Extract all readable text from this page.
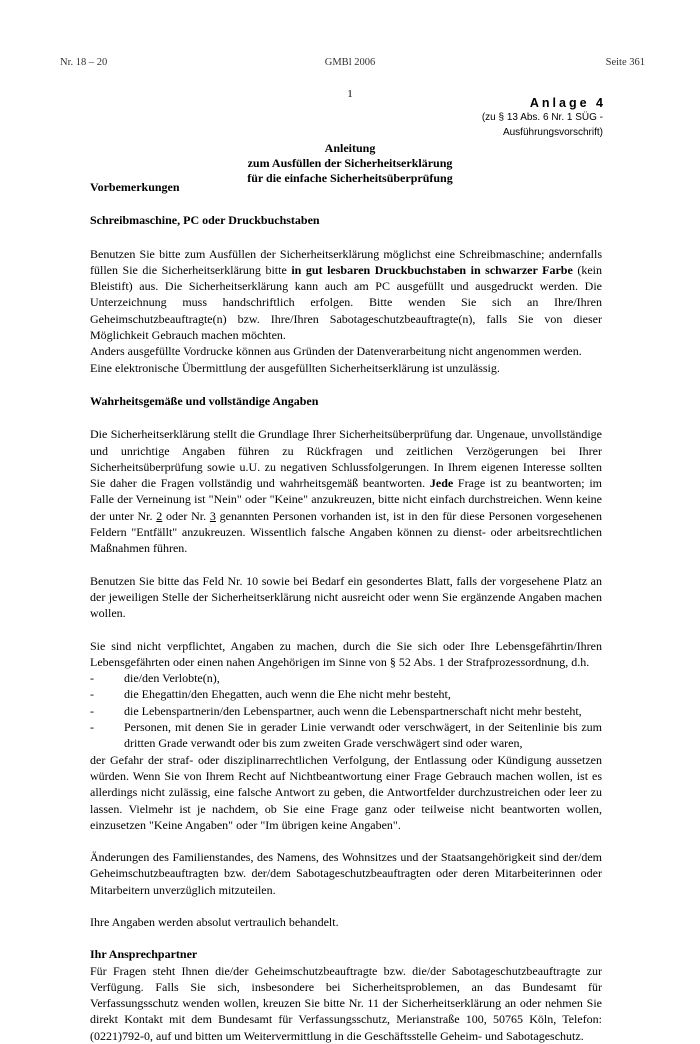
Nr. 18 – 20	GMBl 2006	Seite 361
1
Anlage 4
(zu § 13 Abs. 6 Nr. 1 SÜG -
Ausführungsvorschrift)
Anleitung
zum Ausfüllen der Sicherheitserklärung
für die einfache Sicherheitsüberprüfung

Vorbemerkungen

Schreibmaschine, PC oder Druckbuchstaben

Benutzen Sie bitte zum Ausfüllen der Sicherheitserklärung möglichst eine Schreibmaschine; andernfalls füllen Sie die Sicherheitserklärung bitte in gut lesbaren Druckbuchstaben in schwarzer Farbe (kein Bleistift) aus. Die Sicherheitserklärung kann auch am PC ausgefüllt und ausgedruckt werden. Die Unterzeichnung muss handschriftlich erfolgen. Bitte wenden Sie sich an Ihre/Ihren Geheimschutzbeauftragte(n) bzw. Ihre/Ihren Sabotageschutzbeauftragte(n), falls Sie von dieser Möglichkeit Gebrauch machen möchten.

Anders ausgefüllte Vordrucke können aus Gründen der Datenverarbeitung nicht angenommen werden.

Eine elektronische Übermittlung der ausgefüllten Sicherheitserklärung ist unzulässig.

Wahrheitsgemäße und vollständige Angaben

Die Sicherheitserklärung stellt die Grundlage Ihrer Sicherheitsüberprüfung dar. Ungenaue, unvollständige und unrichtige Angaben führen zu Rückfragen und zeitlichen Verzögerungen bei Ihrer Sicherheitsüberprüfung sowie u.U. zu negativen Schlussfolgerungen. In Ihrem eigenen Interesse sollten Sie daher die Fragen vollständig und wahrheitsgemäß beantworten. Jede Frage ist zu beantworten; im Falle der Verneinung ist "Nein" oder "Keine" anzukreuzen, bitte nicht einfach durchstreichen. Wenn keine der unter Nr. 2 oder Nr. 3 genannten Personen vorhanden ist, ist in den für diese Personen vorgesehenen Feldern "Entfällt" anzukreuzen. Wissentlich falsche Angaben können zu dienst- oder arbeitsrechtlichen Maßnahmen führen.

Benutzen Sie bitte das Feld Nr. 10 sowie bei Bedarf ein gesondertes Blatt, falls der vorgesehene Platz an der jeweiligen Stelle der Sicherheitserklärung nicht ausreicht oder wenn Sie ergänzende Angaben machen wollen.

Sie sind nicht verpflichtet, Angaben zu machen, durch die Sie sich oder Ihre Lebensgefährtin/Ihren Lebensgefährten oder einen nahen Angehörigen im Sinne von § 52 Abs. 1 der Strafprozessordnung, d.h.

-	die/den Verlobte(n),
-	die Ehegattin/den Ehegatten, auch wenn die Ehe nicht mehr besteht,
-	die Lebenspartnerin/den Lebenspartner, auch wenn die Lebenspartnerschaft nicht mehr besteht,
-	Personen, mit denen Sie in gerader Linie verwandt oder verschwägert, in der Seitenlinie bis zum dritten Grade verwandt oder bis zum zweiten Grade verschwägert sind oder waren,

der Gefahr der straf- oder disziplinarrechtlichen Verfolgung, der Entlassung oder Kündigung aussetzen würden. Wenn Sie von Ihrem Recht auf Nichtbeantwortung einer Frage Gebrauch machen wollen, ist es allerdings nicht zulässig, eine falsche Antwort zu geben, die Antwortfelder durchzustreichen oder leer zu lassen. Vielmehr ist je nachdem, ob Sie eine Frage ganz oder teilweise nicht beantworten wollen, einzusetzen "Keine Angaben" oder "Im übrigen keine Angaben".

Änderungen des Familienstandes, des Namens, des Wohnsitzes und der Staatsangehörigkeit sind der/dem Geheimschutzbeauftragten bzw. der/dem Sabotageschutzbeauftragten oder deren Mitarbeiterinnen oder Mitarbeitern unverzüglich mitzuteilen.

Ihre Angaben werden absolut vertraulich behandelt.

Ihr Ansprechpartner

Für Fragen steht Ihnen die/der Geheimschutzbeauftragte bzw. die/der Sabotageschutzbeauftragte zur Verfügung. Falls Sie sich, insbesondere bei Sicherheitsproblemen, an das Bundesamt für Verfassungsschutz wenden wollen, kreuzen Sie bitte Nr. 11 der Sicherheitserklärung an oder nehmen Sie direkt Kontakt mit dem Bundesamt für Verfassungsschutz, Merianstraße 100, 50765 Köln, Telefon: (0221)792-0, auf und bitten um Weitervermittlung in die Geschäftsstelle Geheim- und Sabotageschutz.
